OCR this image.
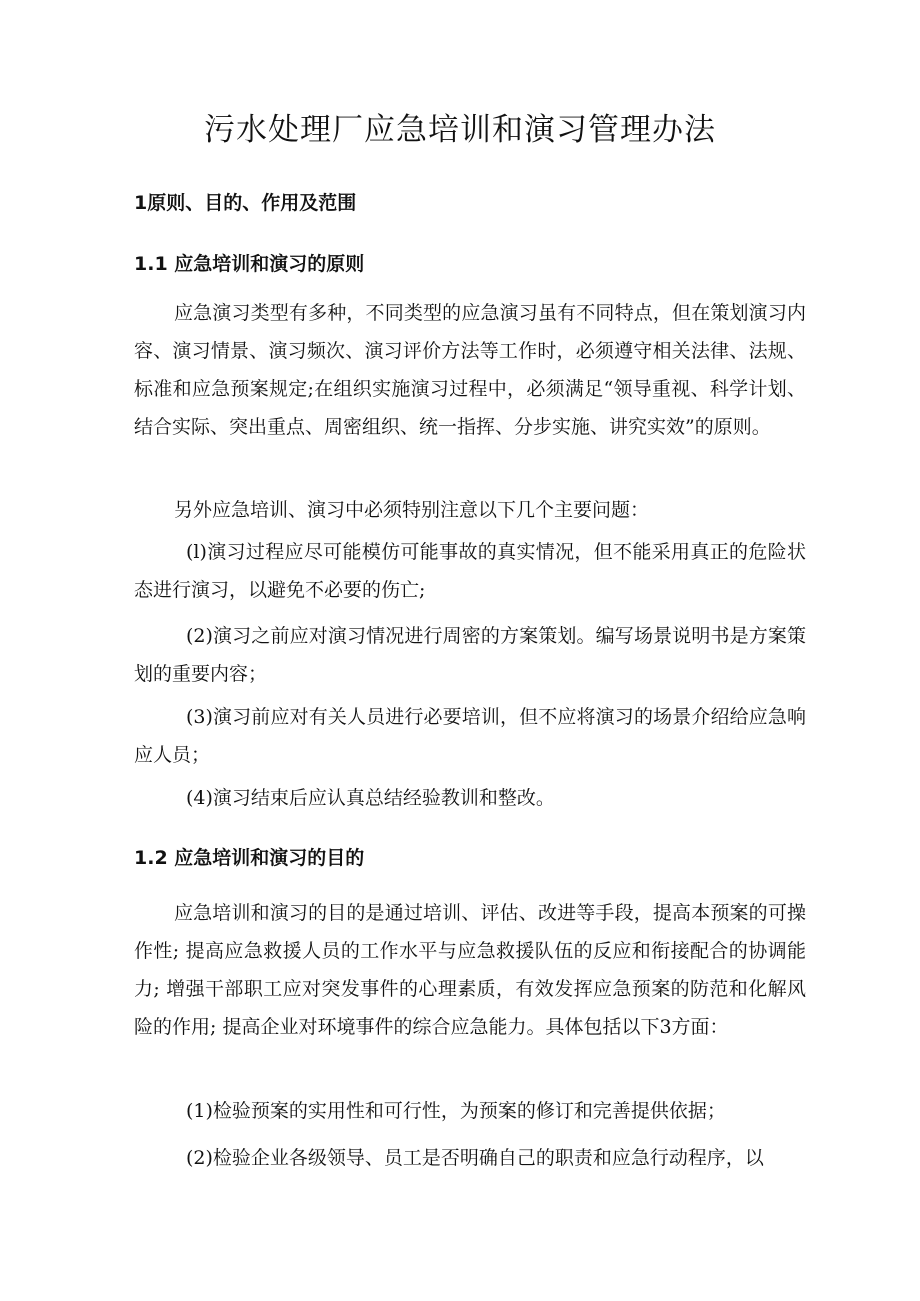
污水处理厂应急培训和演习管理办法
1原则、目的、作用及范围
1.1 应急培训和演习的原则

应急演习类型有多种，不同类型的应急演习虽有不同特点，但在策划演习内容、演习情景、演习频次、演习评价方法等工作时，必须遵守相关法律、法规、标准和应急预案规定;在组织实施演习过程中，必须满足“领导重视、科学计划、结合实际、突出重点、周密组织、统一指挥、分步实施、讲究实效”的原则。

另外应急培训、演习中必须特别注意以下几个主要问题：

(l)演习过程应尽可能模仿可能事故的真实情况，但不能采用真正的危险状态进行演习，以避免不必要的伤亡;

(2)演习之前应对演习情况进行周密的方案策划。编写场景说明书是方案策划的重要内容；

(3)演习前应对有关人员进行必要培训，但不应将演习的场景介绍给应急响应人员；

(4)演习结束后应认真总结经验教训和整改。

1.2 应急培训和演习的目的

应急培训和演习的目的是通过培训、评估、改进等手段，提高本预案的可操作性; 提高应急救援人员的工作水平与应急救援队伍的反应和衔接配合的协调能力; 增强干部职工应对突发事件的心理素质，有效发挥应急预案的防范和化解风险的作用; 提高企业对环境事件的综合应急能力。具体包括以下3方面：

(1)检验预案的实用性和可行性，为预案的修订和完善提供依据；

(2)检验企业各级领导、员工是否明确自己的职责和应急行动程序，以
